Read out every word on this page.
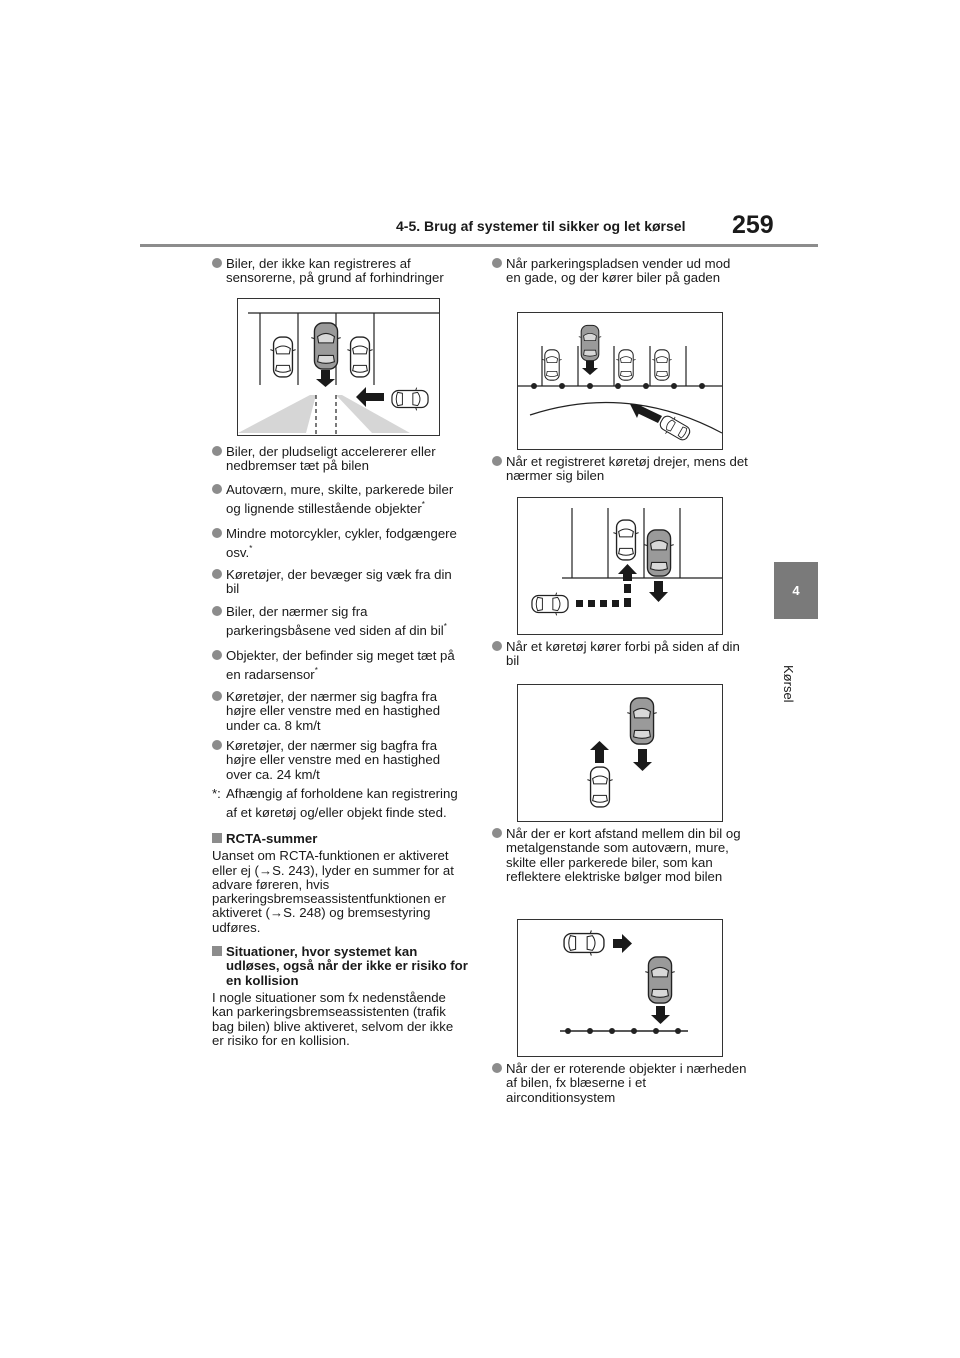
4-5. Brug af systemer til sikker og let kørsel 259
4
Kørsel
Biler, der ikke kan registreres af sensorerne, på grund af forhindringer
Biler, der pludseligt accelererer eller nedbremser tæt på bilen
Autoværn, mure, skilte, parkerede biler og lignende stillestående objekter*
Mindre motorcykler, cykler, fodgængere osv.*
Køretøjer, der bevæger sig væk fra din bil
Biler, der nærmer sig fra parkeringsbåsene ved siden af din bil*
Objekter, der befinder sig meget tæt på en radarsensor*
Køretøjer, der nærmer sig bagfra fra højre eller venstre med en hastighed under ca. 8 km/t
Køretøjer, der nærmer sig bagfra fra højre eller venstre med en hastighed over ca. 24 km/t
*: Afhængig af forholdene kan registrering af et køretøj og/eller objekt finde sted.
RCTA-summer

Uanset om RCTA-funktionen er aktiveret eller ej (→S. 243), lyder en summer for at advare føreren, hvis parkeringsbremseassistentfunktionen er aktiveret (→S. 248) og bremsestyring udføres.

Situationer, hvor systemet kan udløses, også når der ikke er risiko for en kollision

I nogle situationer som fx nedenstående kan parkeringsbremseassistenten (trafik bag bilen) blive aktiveret, selvom der ikke er risiko for en kollision.

Når parkeringspladsen vender ud mod en gade, og der kører biler på gaden
Når et registreret køretøj drejer, mens det nærmer sig bilen
Når et køretøj kører forbi på siden af din bil
Når der er kort afstand mellem din bil og metalgenstande som autoværn, mure, skilte eller parkerede biler, som kan reflektere elektriske bølger mod bilen
Når der er roterende objekter i nærheden af bilen, fx blæserne i et airconditionsystem
